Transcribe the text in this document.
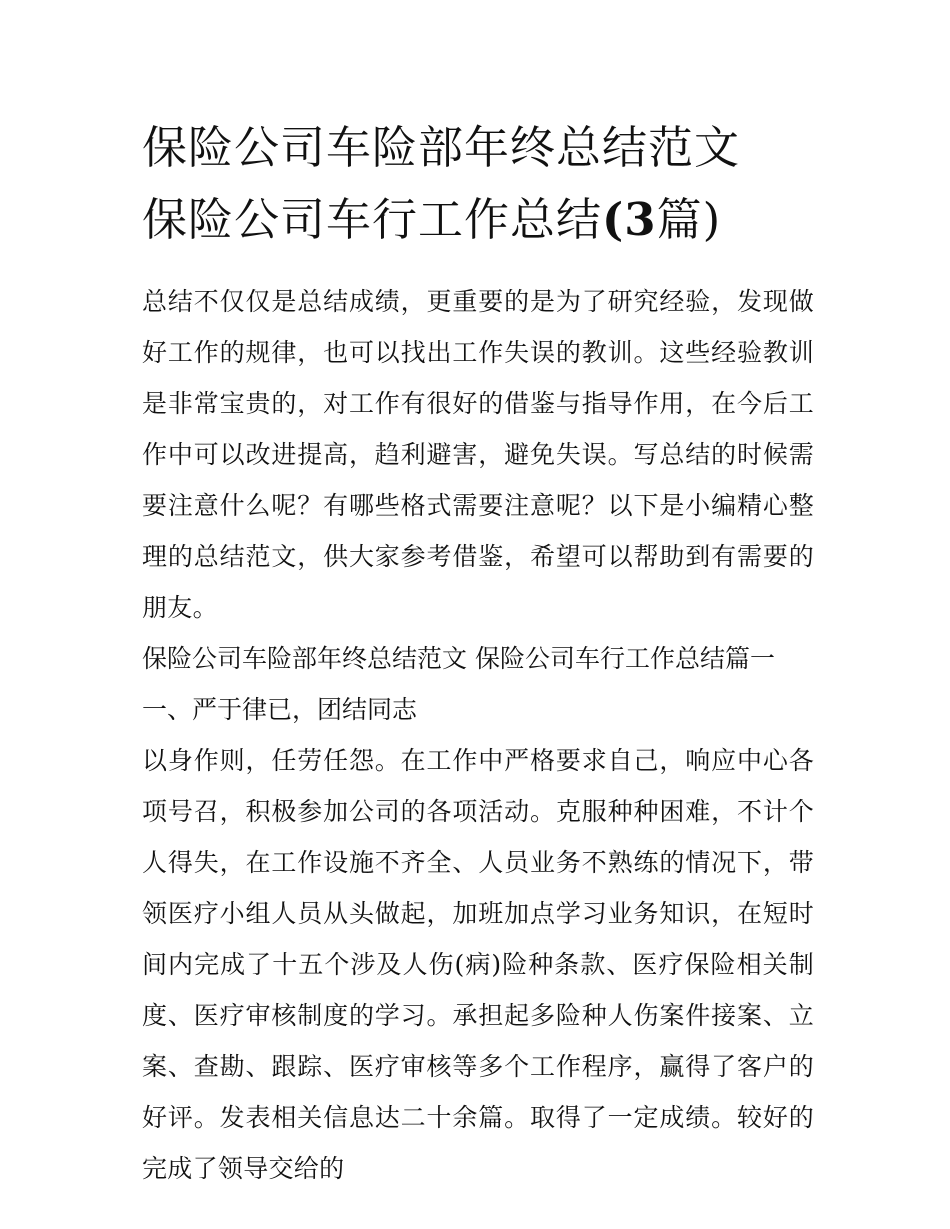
保险公司车险部年终总结范文
保险公司车行工作总结(3篇)

总结不仅仅是总结成绩，更重要的是为了研究经验，发现做好工作的规律，也可以找出工作失误的教训。这些经验教训是非常宝贵的，对工作有很好的借鉴与指导作用，在今后工作中可以改进提高，趋利避害，避免失误。写总结的时候需要注意什么呢？有哪些格式需要注意呢？以下是小编精心整理的总结范文，供大家参考借鉴，希望可以帮助到有需要的朋友。

保险公司车险部年终总结范文 保险公司车行工作总结篇一

一、严于律已，团结同志

以身作则，任劳任怨。在工作中严格要求自己，响应中心各项号召，积极参加公司的各项活动。克服种种困难，不计个人得失，在工作设施不齐全、人员业务不熟练的情况下，带领医疗小组人员从头做起，加班加点学习业务知识，在短时间内完成了十五个涉及人伤(病)险种条款、医疗保险相关制度、医疗审核制度的学习。承担起多险种人伤案件接案、立案、查勘、跟踪、医疗审核等多个工作程序，赢得了客户的好评。发表相关信息达二十余篇。取得了一定成绩。较好的完成了领导交给的
